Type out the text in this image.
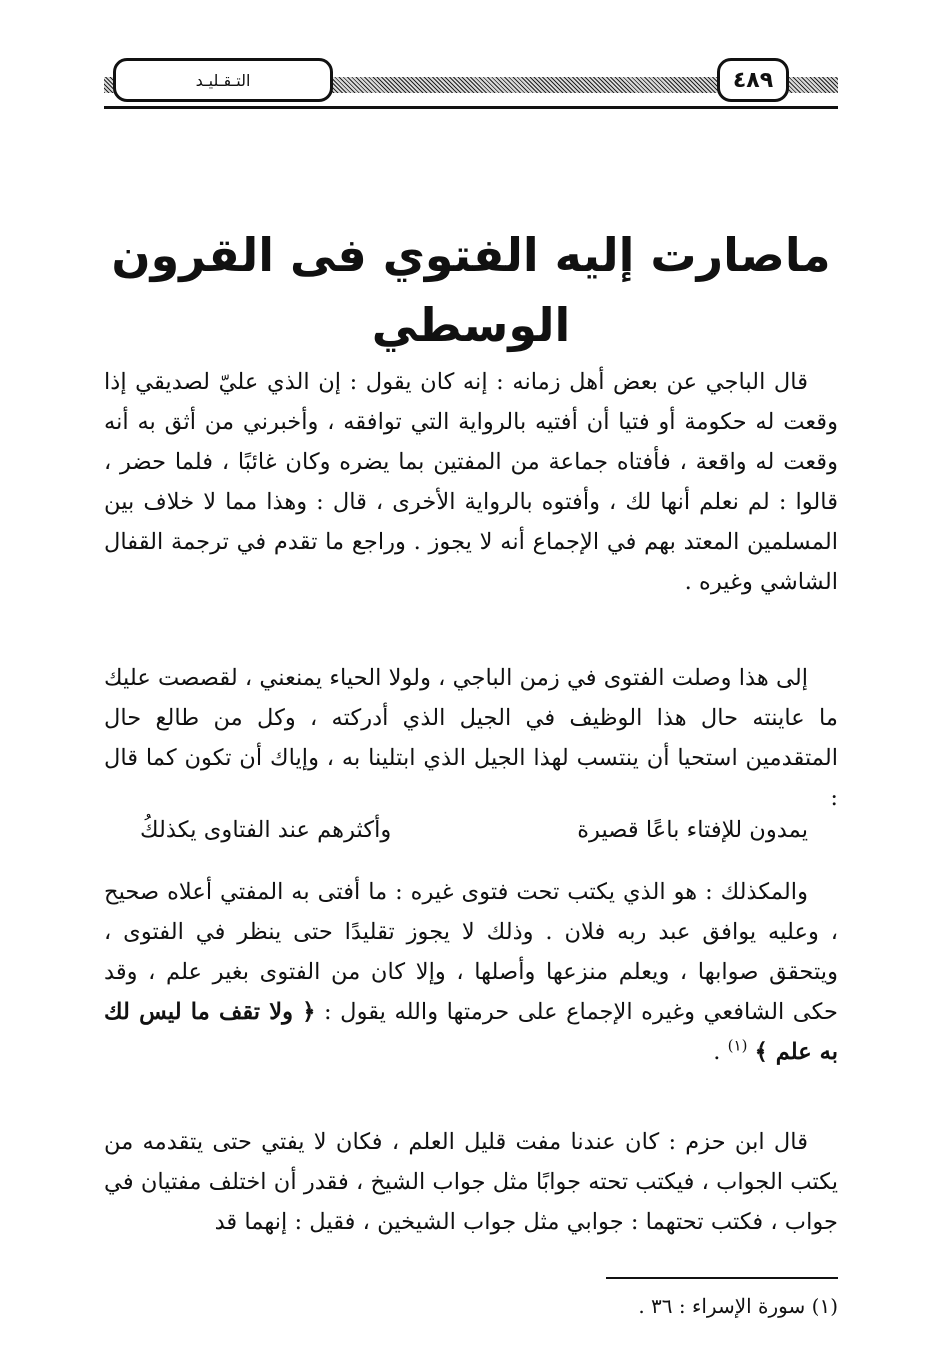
التـقـليـد	٤٨٩
ماصارت إليه الفتوي فى القرون الوسطي

قال الباجي عن بعض أهل زمانه : إنه كان يقول : إن الذي عليّ لصديقي إذا وقعت له حكومة أو فتيا أن أفتيه بالرواية التي توافقه ، وأخبرني من أثق به أنه وقعت له واقعة ، فأفتاه جماعة من المفتين بما يضره وكان غائبًا ، فلما حضر ، قالوا : لم نعلم أنها لك ، وأفتوه بالرواية الأخرى ، قال : وهذا مما لا خلاف بين المسلمين المعتد بهم في الإجماع أنه لا يجوز . وراجع ما تقدم في ترجمة القفال الشاشي وغيره .

إلى هذا وصلت الفتوى في زمن الباجي ، ولولا الحياء يمنعني ، لقصصت عليك ما عاينته حال هذا الوظيف في الجيل الذي أدركته ، وكل من طالع حال المتقدمين استحيا أن ينتسب لهذا الجيل الذي ابتلينا به ، وإياك أن تكون كما قال :

يمدون للإفتاء باعًا قصيرة
وأكثرهم عند الفتاوى يكذلكُ

والمكذلك : هو الذي يكتب تحت فتوى غيره : ما أفتى به المفتي أعلاه صحيح ، وعليه يوافق عبد ربه فلان . وذلك لا يجوز تقليدًا حتى ينظر في الفتوى ، ويتحقق صوابها ، ويعلم منزعها وأصلها ، وإلا كان من الفتوى بغير علم ، وقد حكى الشافعي وغيره الإجماع على حرمتها والله يقول : ﴿ ولا تقف ما ليس لك به علم ﴾ $^{(١)}$ .

قال ابن حزم : كان عندنا مفت قليل العلم ، فكان لا يفتي حتى يتقدمه من يكتب الجواب ، فيكتب تحته جوابًا مثل جواب الشيخ ، فقدر أن اختلف مفتيان في جواب ، فكتب تحتهما : جوابي مثل جواب الشيخين ، فقيل : إنهما قد

(١) سورة الإسراء : ٣٦ .
